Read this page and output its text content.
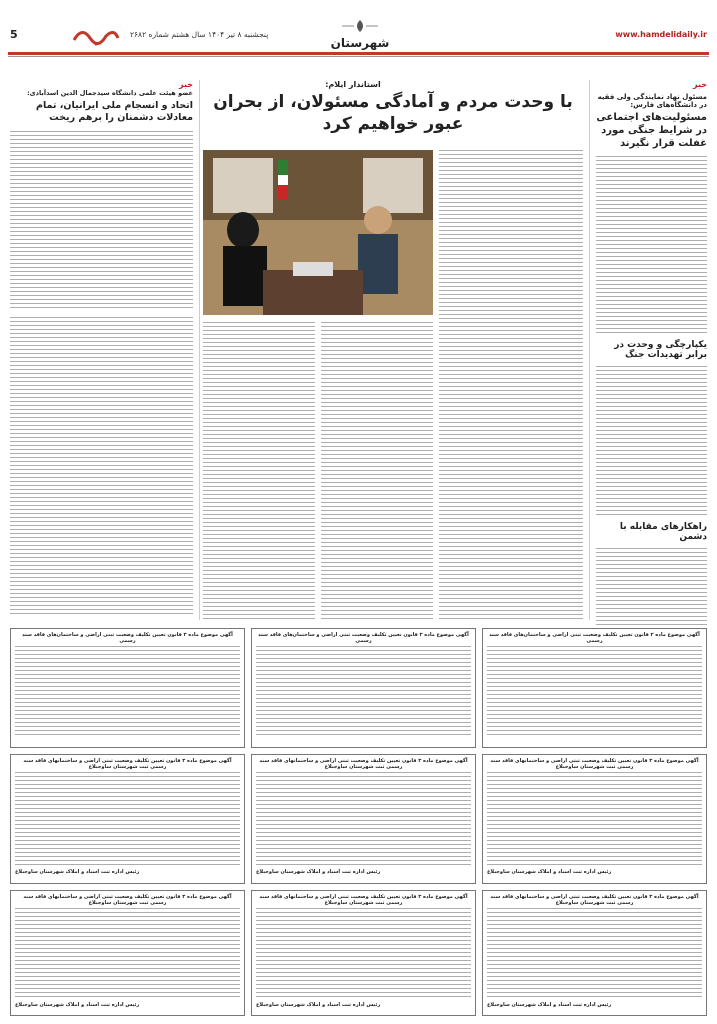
5	پنجشنبه ۸ تیر ۱۴۰۴ سال هشتم شماره ۲۶۸۲
شهرستان
www.hamdelidaily.ir
خبر
مسئول نهاد نمایندگی ولی فقیه در دانشگاه‌های فارس:
مسئولیت‌های اجتماعی در شرایط جنگی مورد غفلت قرار نگیرند
یکپارچگی و وحدت در برابر تهدیدات جنگ
راهکارهای مقابله با دشمن
استاندار ایلام:
با وحدت مردم و آمادگی مسئولان، از بحران عبور خواهیم کرد
خبر
عضو هیئت علمی دانشگاه سیدجمال الدین اسدآبادی:
اتحاد و انسجام ملی ایرانیان، تمام معادلات دشمنان را برهم ریخت
آگهی موضوع ماده ۳ قانون تعیین تکلیف وضعیت ثبتی اراضی و ساختمان‌های فاقد سند رسمی
آگهی موضوع ماده ۳ قانون تعیین تکلیف وضعیت ثبتی اراضی و ساختمان‌های فاقد سند رسمی
آگهی موضوع ماده ۳ قانون تعیین تکلیف وضعیت ثبتی اراضی و ساختمان‌های فاقد سند رسمی
آگهی موضوع ماده ۳ قانون تعیین تکلیف وضعیت ثبتی اراضی و ساختمانهای فاقد سند رسمی ثبت شهرستان ساوجبلاغ
رئیس اداره ثبت اسناد و املاک شهرستان ساوجبلاغ
آگهی موضوع ماده ۳ قانون تعیین تکلیف وضعیت ثبتی اراضی و ساختمانهای فاقد سند رسمی ثبت شهرستان ساوجبلاغ
رئیس اداره ثبت اسناد و املاک شهرستان ساوجبلاغ
آگهی موضوع ماده ۳ قانون تعیین تکلیف وضعیت ثبتی اراضی و ساختمانهای فاقد سند رسمی ثبت شهرستان ساوجبلاغ
رئیس اداره ثبت اسناد و املاک شهرستان ساوجبلاغ
آگهی موضوع ماده ۳ قانون تعیین تکلیف وضعیت ثبتی اراضی و ساختمانهای فاقد سند رسمی ثبت شهرستان ساوجبلاغ
رئیس اداره ثبت اسناد و املاک شهرستان ساوجبلاغ
آگهی موضوع ماده ۳ قانون تعیین تکلیف وضعیت ثبتی اراضی و ساختمانهای فاقد سند رسمی ثبت شهرستان ساوجبلاغ
رئیس اداره ثبت اسناد و املاک شهرستان ساوجبلاغ
آگهی موضوع ماده ۳ قانون تعیین تکلیف وضعیت ثبتی اراضی و ساختمانهای فاقد سند رسمی ثبت شهرستان ساوجبلاغ
رئیس اداره ثبت اسناد و املاک شهرستان ساوجبلاغ
